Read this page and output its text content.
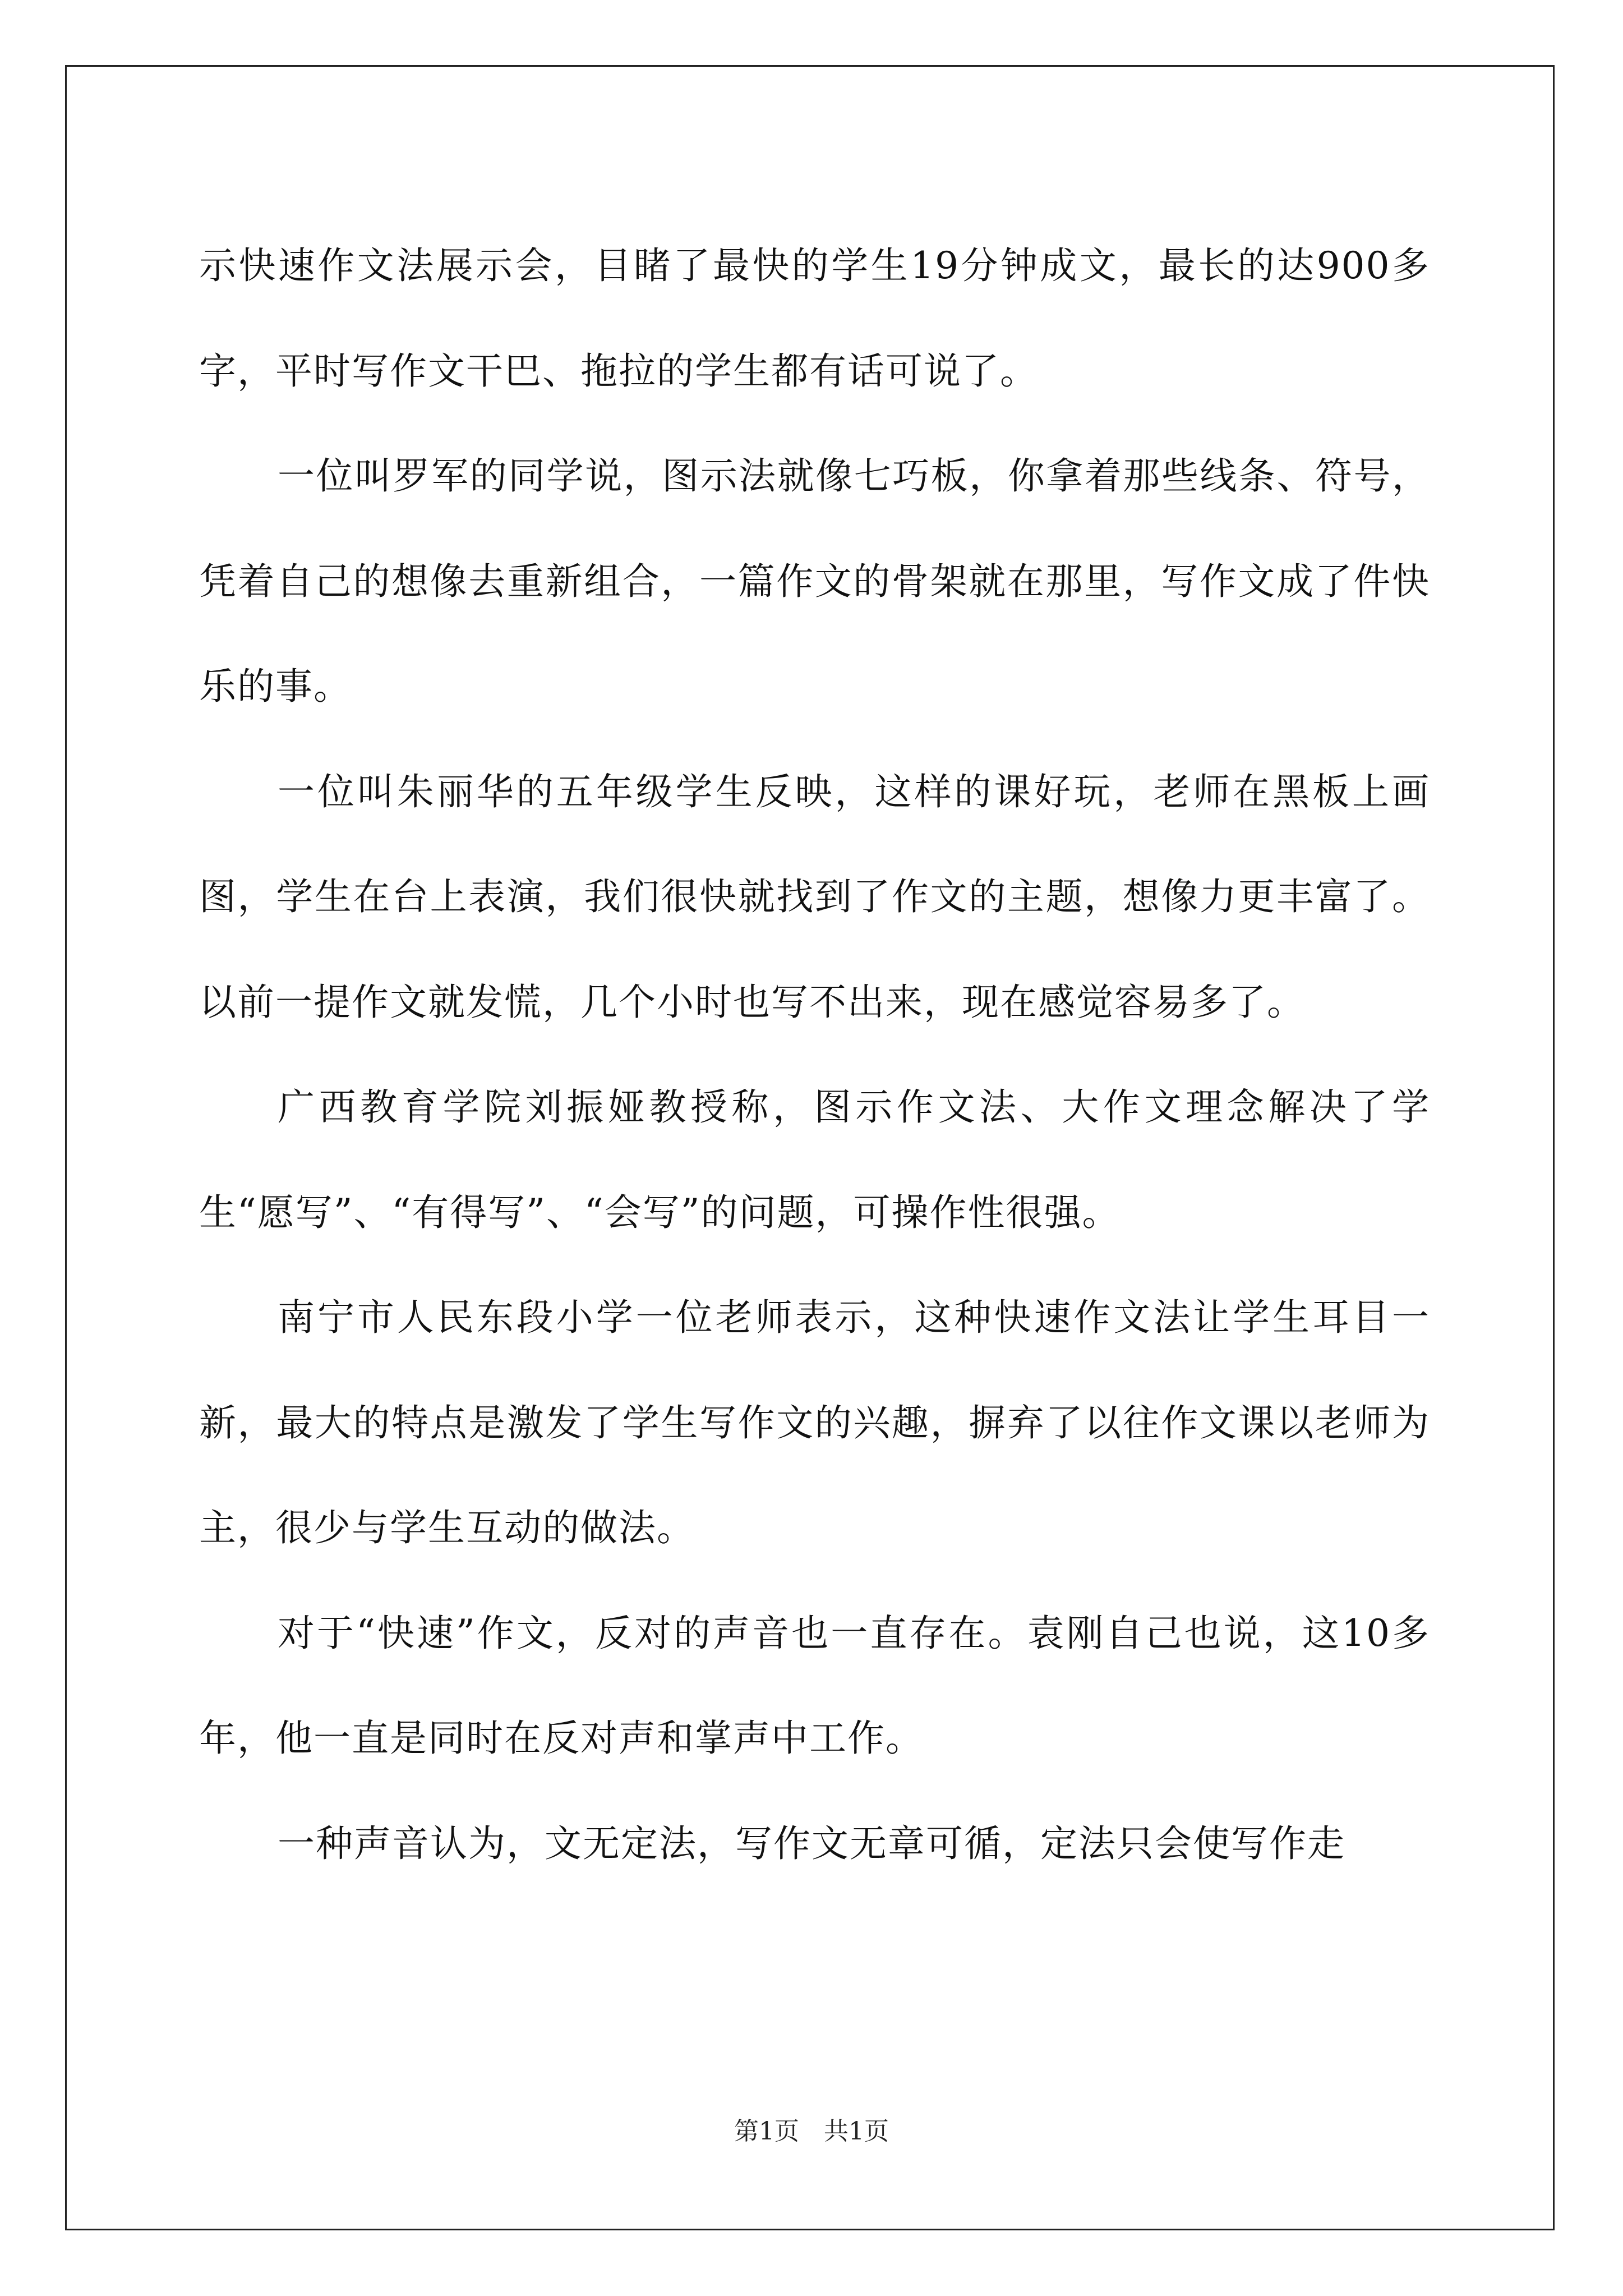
示快速作文法展示会，目睹了最快的学生19分钟成文，最长的达900多字，平时写作文干巴、拖拉的学生都有话可说了。

一位叫罗军的同学说，图示法就像七巧板，你拿着那些线条、符号，凭着自己的想像去重新组合，一篇作文的骨架就在那里，写作文成了件快乐的事。

一位叫朱丽华的五年级学生反映，这样的课好玩，老师在黑板上画图，学生在台上表演，我们很快就找到了作文的主题，想像力更丰富了。以前一提作文就发慌，几个小时也写不出来，现在感觉容易多了。

广西教育学院刘振娅教授称，图示作文法、大作文理念解决了学生“愿写”、“有得写”、“会写”的问题，可操作性很强。

南宁市人民东段小学一位老师表示，这种快速作文法让学生耳目一新，最大的特点是激发了学生写作文的兴趣，摒弃了以往作文课以老师为主，很少与学生互动的做法。

对于“快速”作文，反对的声音也一直存在。袁刚自己也说，这10多年，他一直是同时在反对声和掌声中工作。

一种声音认为，文无定法，写作文无章可循，定法只会使写作走

第1页 共1页
